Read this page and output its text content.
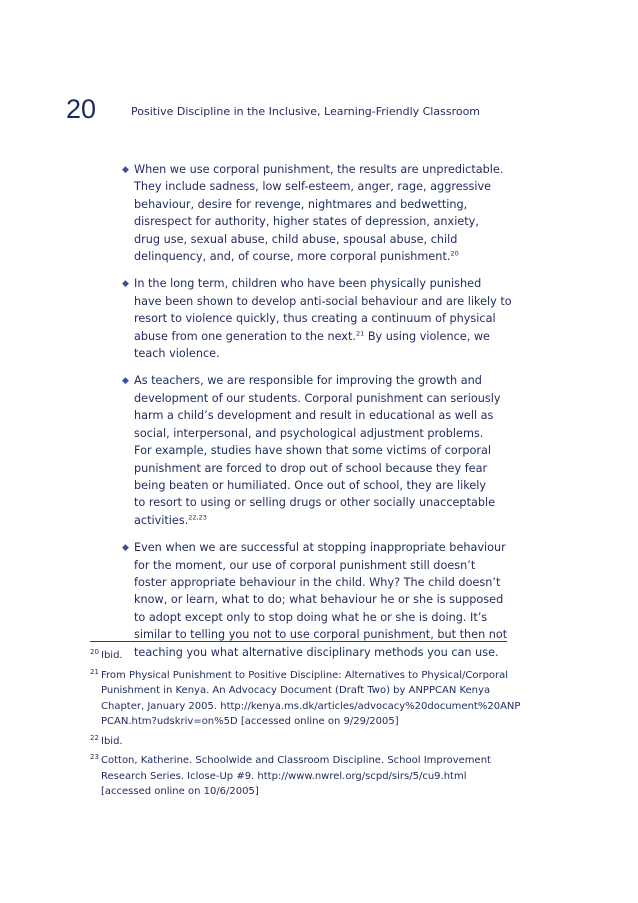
20	Positive Discipline in the Inclusive, Learning-Friendly Classroom
◆ When we use corporal punishment, the results are unpredictable.
They include sadness, low self-esteem, anger, rage, aggressive
behaviour, desire for revenge, nightmares and bedwetting,
disrespect for authority, higher states of depression, anxiety,
drug use, sexual abuse, child abuse, spousal abuse, child
delinquency, and, of course, more corporal punishment.$^{20}$
◆ In the long term, children who have been physically punished
have been shown to develop anti-social behaviour and are likely to
resort to violence quickly, thus creating a continuum of physical
abuse from one generation to the next.$^{21}$ By using violence, we
teach violence.
◆ As teachers, we are responsible for improving the growth and
development of our students. Corporal punishment can seriously
harm a child’s development and result in educational as well as
social, interpersonal, and psychological adjustment problems.
For example, studies have shown that some victims of corporal
punishment are forced to drop out of school because they fear
being beaten or humiliated. Once out of school, they are likely
to resort to using or selling drugs or other socially unacceptable
activities.$^{22,23}$
◆ Even when we are successful at stopping inappropriate behaviour
for the moment, our use of corporal punishment still doesn’t
foster appropriate behaviour in the child. Why? The child doesn’t
know, or learn, what to do; what behaviour he or she is supposed
to adopt except only to stop doing what he or she is doing. It’s
similar to telling you not to use corporal punishment, but then not
teaching you what alternative disciplinary methods you can use.
20 Ibid.
21 From Physical Punishment to Positive Discipline: Alternatives to Physical/Corporal
Punishment in Kenya. An Advocacy Document (Draft Two) by ANPPCAN Kenya
Chapter, January 2005. http://kenya.ms.dk/articles/advocacy%20document%20ANP
PCAN.htm?udskriv=on%5D [accessed online on 9/29/2005]
22 Ibid.
23 Cotton, Katherine. Schoolwide and Classroom Discipline. School Improvement
Research Series. Iclose-Up #9. http://www.nwrel.org/scpd/sirs/5/cu9.html
[accessed online on 10/6/2005]
